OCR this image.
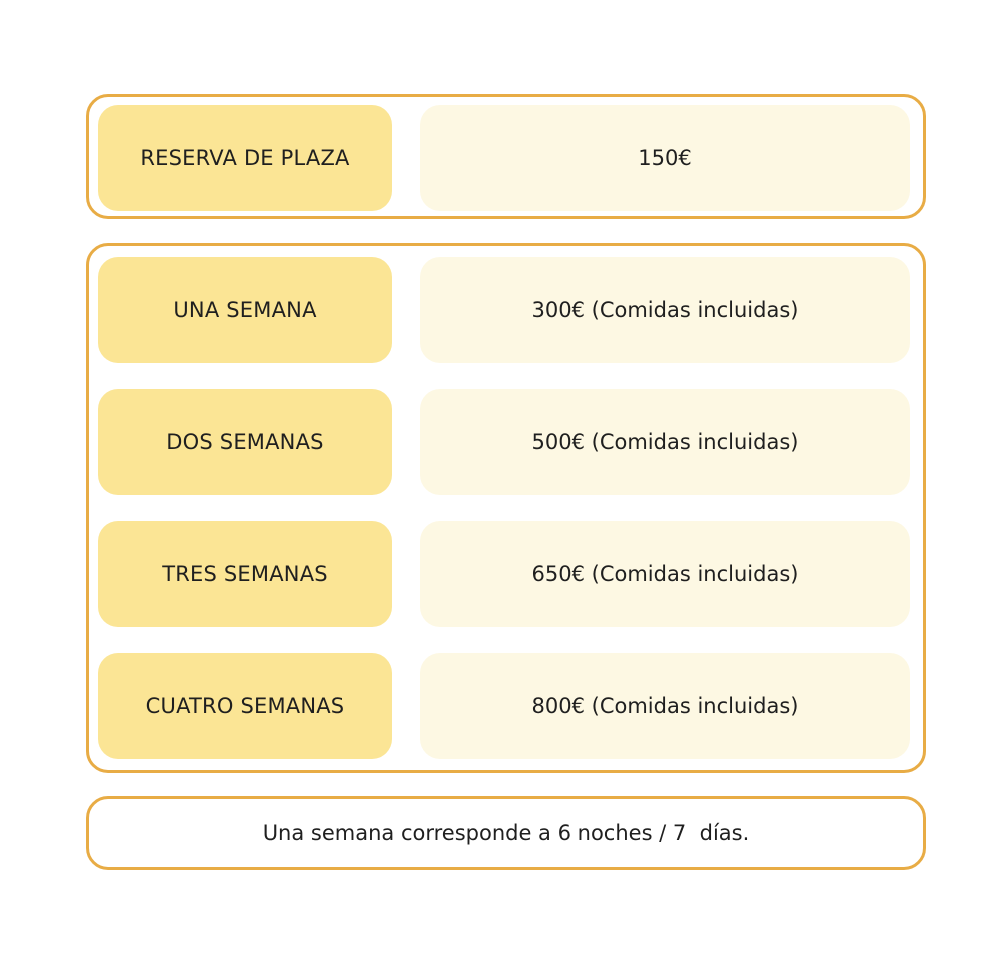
RESERVA DE PLAZA	150€
UNA SEMANA	300€ (Comidas incluidas)
DOS SEMANAS	500€ (Comidas incluidas)
TRES SEMANAS	650€ (Comidas incluidas)
CUATRO SEMANAS	800€ (Comidas incluidas)
Una semana corresponde a 6 noches / 7  días.
